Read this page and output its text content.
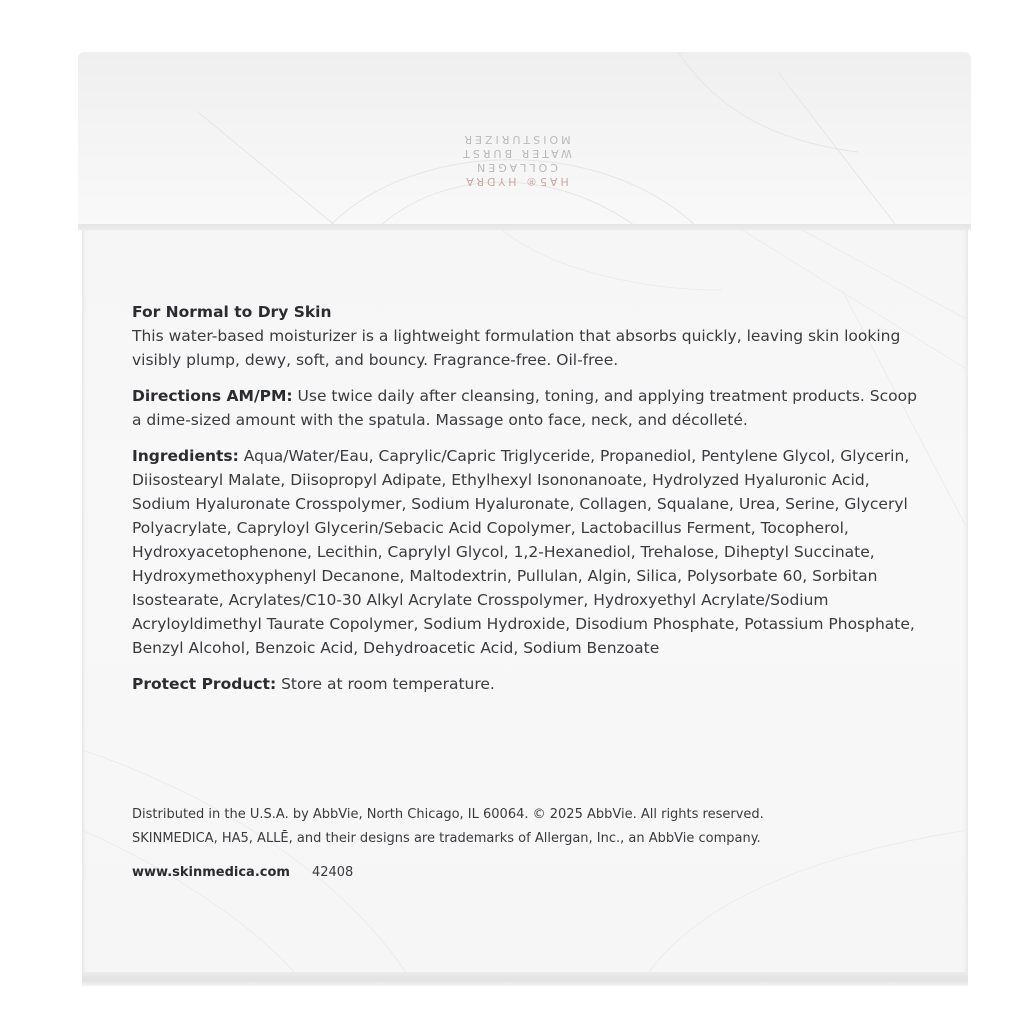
HA5® HYDRA
COLLAGEN
WATER BURST
MOISTURIZER

For Normal to Dry Skin
This water-based moisturizer is a lightweight formulation that absorbs quickly, leaving skin looking visibly plump, dewy, soft, and bouncy. Fragrance-free. Oil-free.

Directions AM/PM: Use twice daily after cleansing, toning, and applying treatment products. Scoop a dime-sized amount with the spatula. Massage onto face, neck, and décolleté.

Ingredients: Aqua/Water/Eau, Caprylic/Capric Triglyceride, Propanediol, Pentylene Glycol, Glycerin, Diisostearyl Malate, Diisopropyl Adipate, Ethylhexyl Isononanoate, Hydrolyzed Hyaluronic Acid, Sodium Hyaluronate Crosspolymer, Sodium Hyaluronate, Collagen, Squalane, Urea, Serine, Glyceryl Polyacrylate, Capryloyl Glycerin/Sebacic Acid Copolymer, Lactobacillus Ferment, Tocopherol, Hydroxyacetophenone, Lecithin, Caprylyl Glycol, 1,2-Hexanediol, Trehalose, Diheptyl Succinate, Hydroxymethoxyphenyl Decanone, Maltodextrin, Pullulan, Algin, Silica, Polysorbate 60, Sorbitan Isostearate, Acrylates/C10-30 Alkyl Acrylate Crosspolymer, Hydroxyethyl Acrylate/Sodium Acryloyldimethyl Taurate Copolymer, Sodium Hydroxide, Disodium Phosphate, Potassium Phosphate, Benzyl Alcohol, Benzoic Acid, Dehydroacetic Acid, Sodium Benzoate

Protect Product: Store at room temperature.

Distributed in the U.S.A. by AbbVie, North Chicago, IL 60064. © 2025 AbbVie. All rights reserved.
SKINMEDICA, HA5, ALLĒ, and their designs are trademarks of Allergan, Inc., an AbbVie company.
www.skinmedica.com 42408
